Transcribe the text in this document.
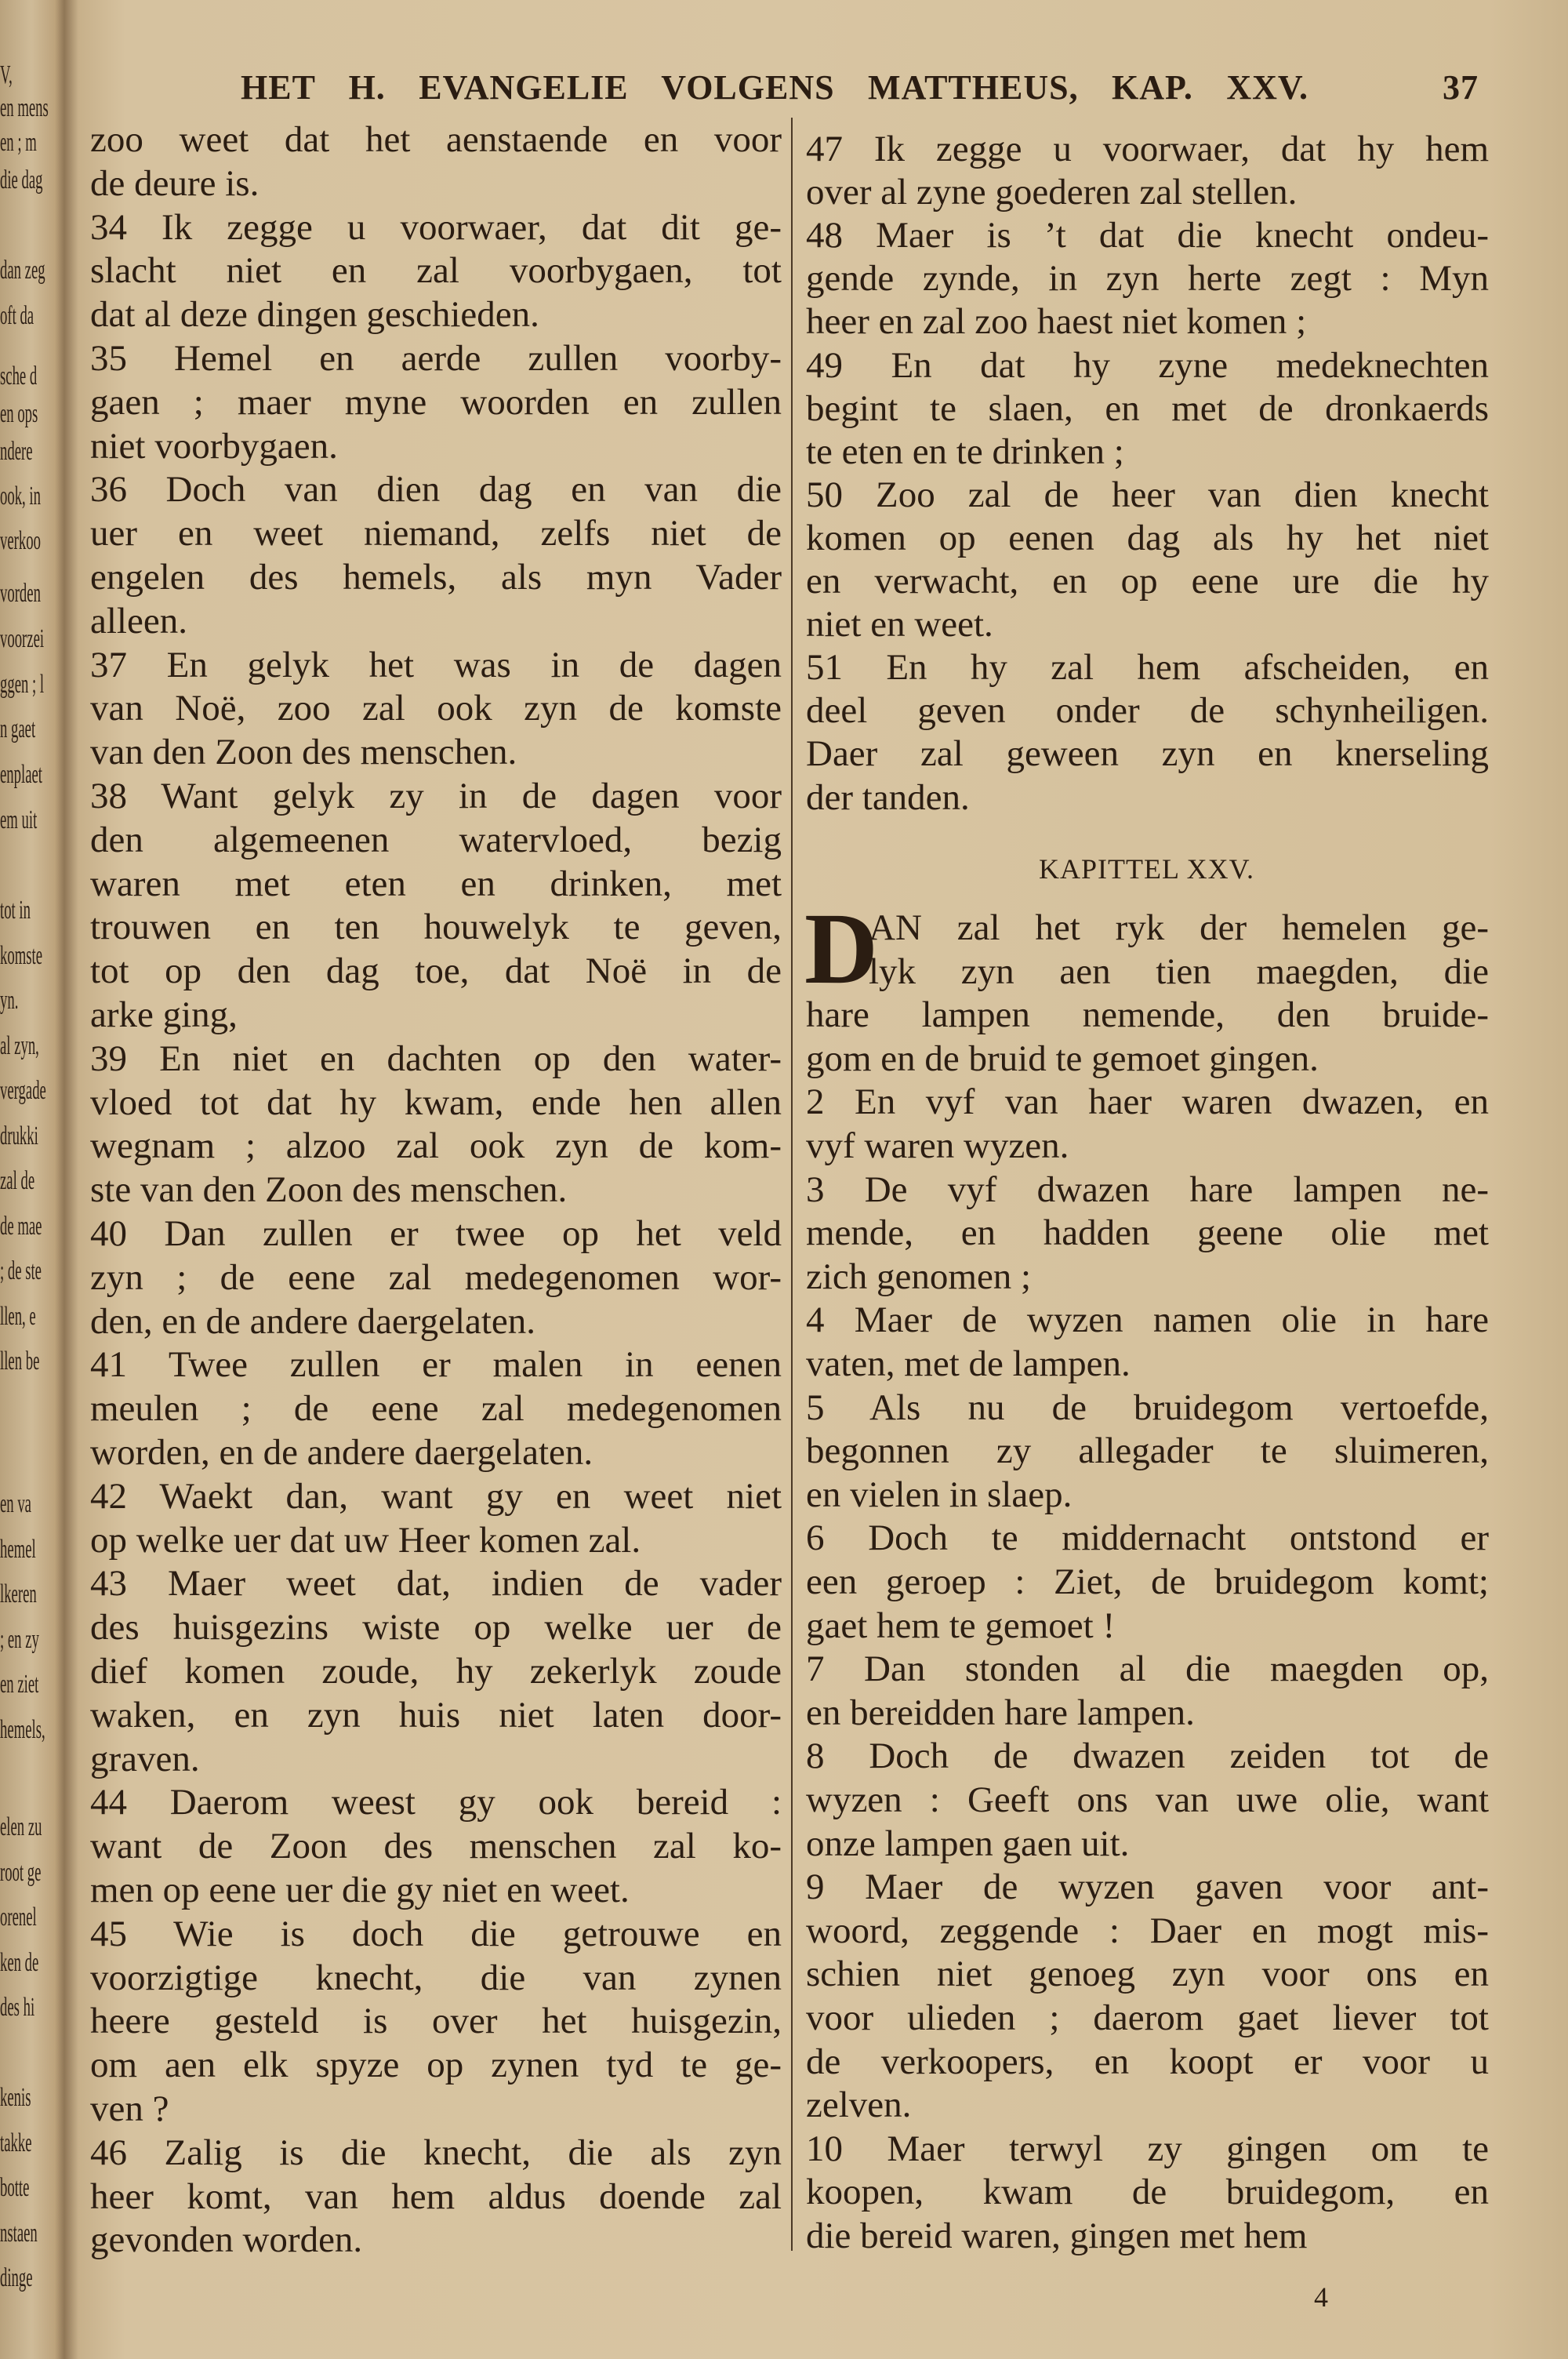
V,
en mens
en ; m
die dag
dan zeg
oft da
sche d
en ops
ndere
ook, in
verkoo
vorden
voorzei
ggen ; l
n gaet
enplaet
em uit
tot in
komste
yn.
al zyn,
vergade
drukki
zal de
de mae
; de ste
llen, e
llen be
en va
hemel
lkeren
; en zy
en ziet
hemels,
elen zu
root ge
orenel
ken de
des hi
kenis
takke
botte
nstaen
dinge
HET H. EVANGELIE VOLGENS MATTHEUS, KAP. XXV.	37
zoo weet dat het aenstaende en voor
de deure is.
34 Ik zegge u voorwaer, dat dit ge-
slacht niet en zal voorbygaen, tot
dat al deze dingen geschieden.
35 Hemel en aerde zullen voorby-
gaen ; maer myne woorden en zullen
niet voorbygaen.
36 Doch van dien dag en van die
uer en weet niemand, zelfs niet de
engelen des hemels, als myn Vader
alleen.
37 En gelyk het was in de dagen
van Noë, zoo zal ook zyn de komste
van den Zoon des menschen.
38 Want gelyk zy in de dagen voor
den algemeenen watervloed, bezig
waren met eten en drinken, met
trouwen en ten houwelyk te geven,
tot op den dag toe, dat Noë in de
arke ging,
39 En niet en dachten op den water-
vloed tot dat hy kwam, ende hen allen
wegnam ; alzoo zal ook zyn de kom-
ste van den Zoon des menschen.
40 Dan zullen er twee op het veld
zyn ; de eene zal medegenomen wor-
den, en de andere daergelaten.
41 Twee zullen er malen in eenen
meulen ; de eene zal medegenomen
worden, en de andere daergelaten.
42 Waekt dan, want gy en weet niet
op welke uer dat uw Heer komen zal.
43 Maer weet dat, indien de vader
des huisgezins wiste op welke uer de
dief komen zoude, hy zekerlyk zoude
waken, en zyn huis niet laten door-
graven.
44 Daerom weest gy ook bereid :
want de Zoon des menschen zal ko-
men op eene uer die gy niet en weet.
45 Wie is doch die getrouwe en
voorzigtige knecht, die van zynen
heere gesteld is over het huisgezin,
om aen elk spyze op zynen tyd te ge-
ven ?
46 Zalig is die knecht, die als zyn
heer komt, van hem aldus doende zal
gevonden worden.
47 Ik zegge u voorwaer, dat hy hem
over al zyne goederen zal stellen.
48 Maer is ’t dat die knecht ondeu-
gende zynde, in zyn herte zegt : Myn
heer en zal zoo haest niet komen ;
49 En dat hy zyne medeknechten
begint te slaen, en met de dronkaerds
te eten en te drinken ;
50 Zoo zal de heer van dien knecht
komen op eenen dag als hy het niet
en verwacht, en op eene ure die hy
niet en weet.
51 En hy zal hem afscheiden, en
deel geven onder de schynheiligen.
Daer zal geween zyn en knerseling
der tanden.
KAPITTEL XXV.
D
AN zal het ryk der hemelen ge-
lyk zyn aen tien maegden, die
hare lampen nemende, den bruide-
gom en de bruid te gemoet gingen.
2 En vyf van haer waren dwazen, en
vyf waren wyzen.
3 De vyf dwazen hare lampen ne-
mende, en hadden geene olie met
zich genomen ;
4 Maer de wyzen namen olie in hare
vaten, met de lampen.
5 Als nu de bruidegom vertoefde,
begonnen zy allegader te sluimeren,
en vielen in slaep.
6 Doch te middernacht ontstond er
een geroep : Ziet, de bruidegom komt;
gaet hem te gemoet !
7 Dan stonden al die maegden op,
en bereidden hare lampen.
8 Doch de dwazen zeiden tot de
wyzen : Geeft ons van uwe olie, want
onze lampen gaen uit.
9 Maer de wyzen gaven voor ant-
woord, zeggende : Daer en mogt mis-
schien niet genoeg zyn voor ons en
voor ulieden ; daerom gaet liever tot
de verkoopers, en koopt er voor u
zelven.
10 Maer terwyl zy gingen om te
koopen, kwam de bruidegom, en
die bereid waren, gingen met hem
4
